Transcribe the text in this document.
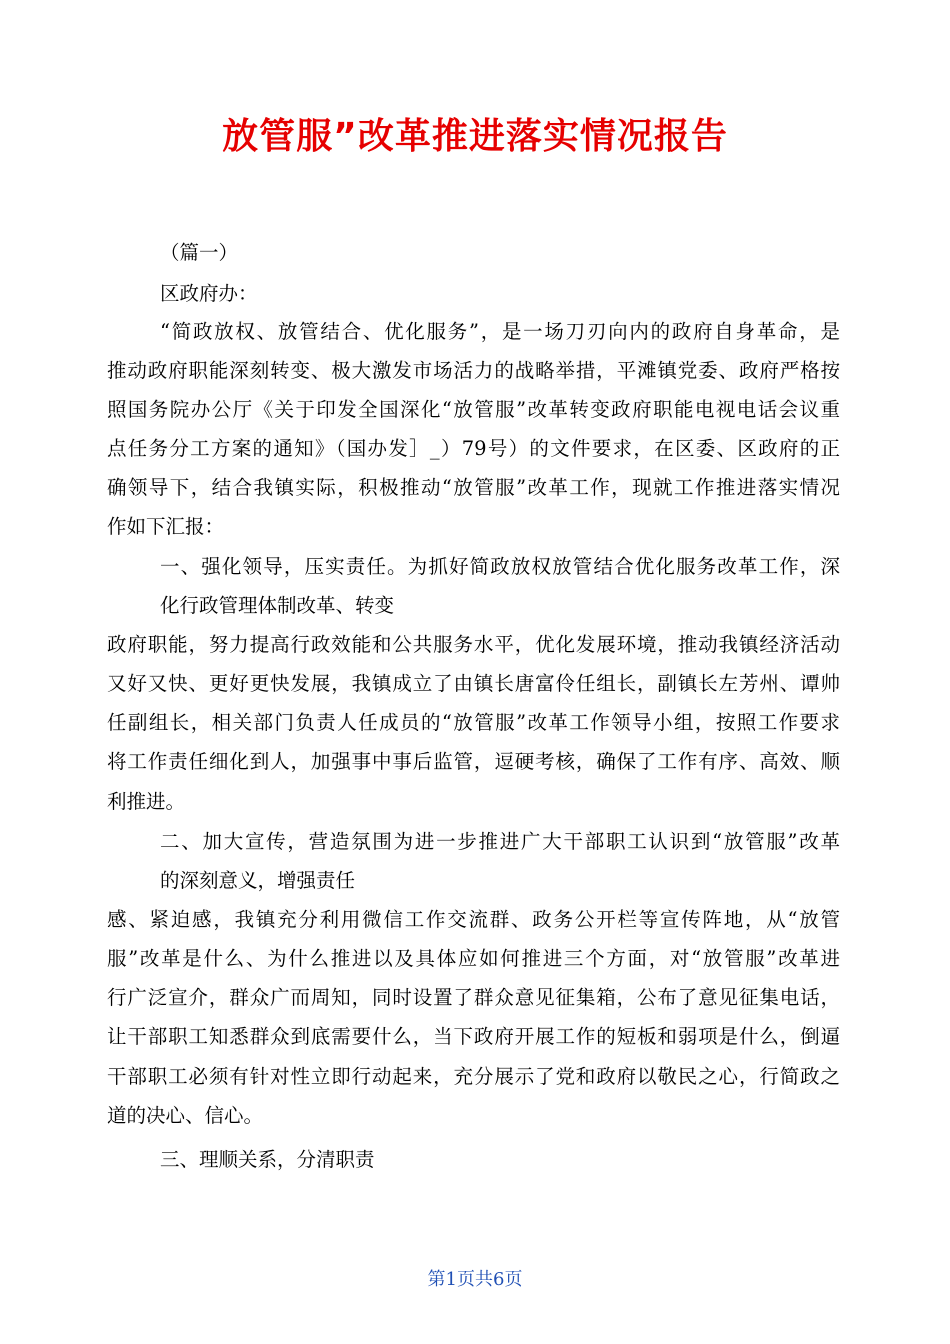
放管服”改革推进落实情况报告
（篇一）
区政府办：
“简政放权、放管结合、优化服务”，是一场刀刃向内的政府自身革命，是
推动政府职能深刻转变、极大激发市场活力的战略举措，平滩镇党委、政府严格按
照国务院办公厅《关于印发全国深化“放管服”改革转变政府职能电视电话会议重
点任务分工方案的通知》（国办发］_）79号）的文件要求，在区委、区政府的正
确领导下，结合我镇实际，积极推动“放管服”改革工作，现就工作推进落实情况
作如下汇报：
一、强化领导，压实责任。为抓好简政放权放管结合优化服务改革工作，深
化行政管理体制改革、转变
政府职能，努力提高行政效能和公共服务水平，优化发展环境，推动我镇经济活动
又好又快、更好更快发展，我镇成立了由镇长唐富伶任组长，副镇长左芳州、谭帅
任副组长，相关部门负责人任成员的“放管服”改革工作领导小组，按照工作要求
将工作责任细化到人，加强事中事后监管，逗硬考核，确保了工作有序、高效、顺
利推进。
二、加大宣传，营造氛围为进一步推进广大干部职工认识到“放管服”改革
的深刻意义，增强责任
感、紧迫感，我镇充分利用微信工作交流群、政务公开栏等宣传阵地，从“放管
服”改革是什么、为什么推进以及具体应如何推进三个方面，对“放管服”改革进
行广泛宣介，群众广而周知，同时设置了群众意见征集箱，公布了意见征集电话，
让干部职工知悉群众到底需要什么，当下政府开展工作的短板和弱项是什么，倒逼
干部职工必须有针对性立即行动起来，充分展示了党和政府以敬民之心，行简政之
道的决心、信心。
三、理顺关系，分清职责
第1页共6页
